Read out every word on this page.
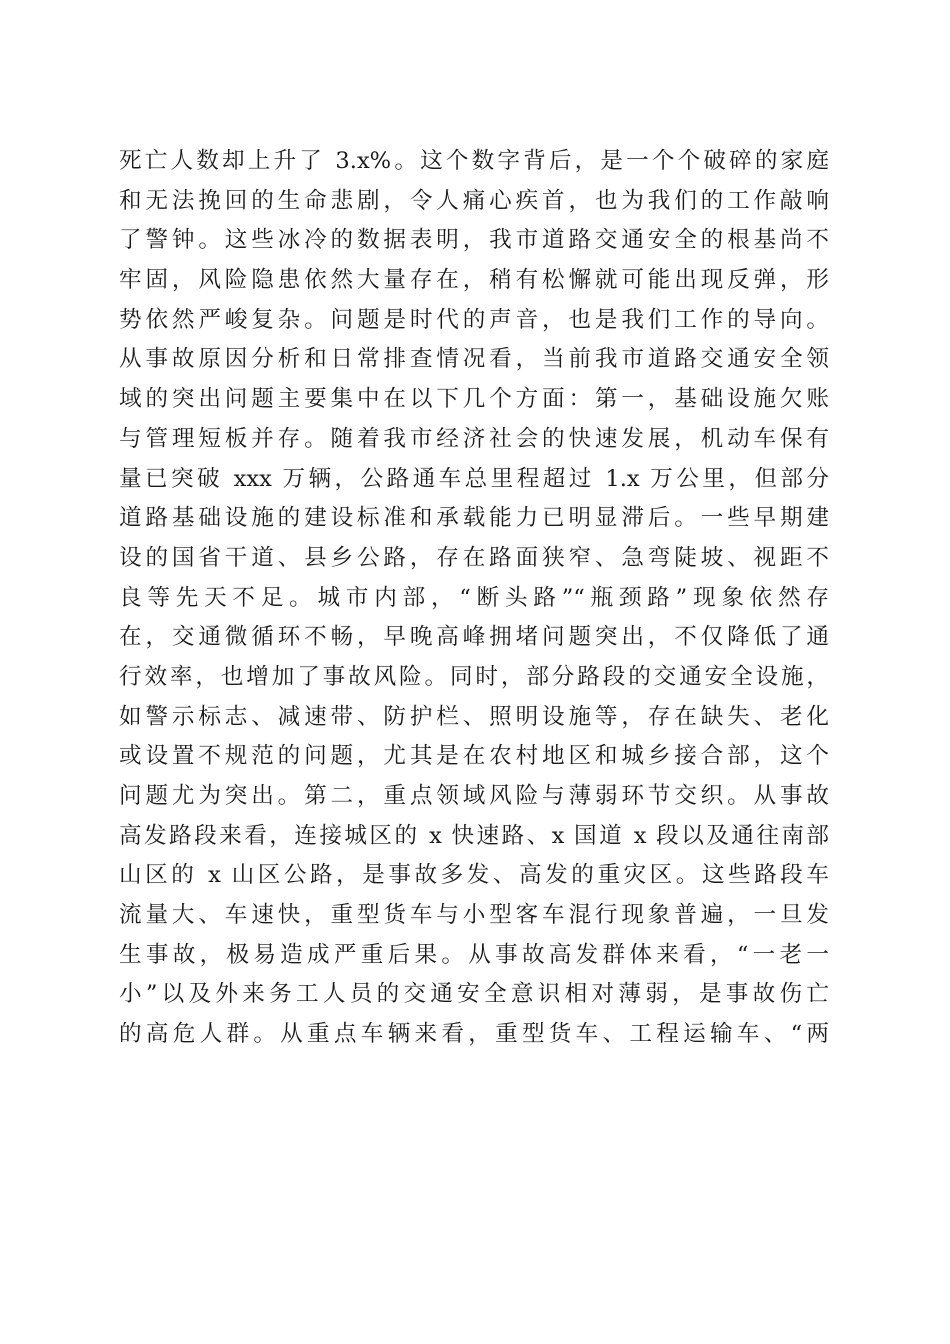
死亡人数却上升了 3.x%。这个数字背后，是一个个破碎的家庭
和无法挽回的生命悲剧，令人痛心疾首，也为我们的工作敲响
了警钟。这些冰冷的数据表明，我市道路交通安全的根基尚不
牢固，风险隐患依然大量存在，稍有松懈就可能出现反弹，形
势依然严峻复杂。问题是时代的声音，也是我们工作的导向。
从事故原因分析和日常排查情况看，当前我市道路交通安全领
域的突出问题主要集中在以下几个方面：第一，基础设施欠账
与管理短板并存。随着我市经济社会的快速发展，机动车保有
量已突破 xxx 万辆，公路通车总里程超过 1.x 万公里，但部分
道路基础设施的建设标准和承载能力已明显滞后。一些早期建
设的国省干道、县乡公路，存在路面狭窄、急弯陡坡、视距不
良等先天不足。城市内部，“断头路”“瓶颈路”现象依然存
在，交通微循环不畅，早晚高峰拥堵问题突出，不仅降低了通
行效率，也增加了事故风险。同时，部分路段的交通安全设施，
如警示标志、减速带、防护栏、照明设施等，存在缺失、老化
或设置不规范的问题，尤其是在农村地区和城乡接合部，这个
问题尤为突出。第二，重点领域风险与薄弱环节交织。从事故
高发路段来看，连接城区的 x 快速路、x 国道 x 段以及通往南部
山区的 x 山区公路，是事故多发、高发的重灾区。这些路段车
流量大、车速快，重型货车与小型客车混行现象普遍，一旦发
生事故，极易造成严重后果。从事故高发群体来看，“一老一
小”以及外来务工人员的交通安全意识相对薄弱，是事故伤亡
的高危人群。从重点车辆来看，重型货车、工程运输车、“两
